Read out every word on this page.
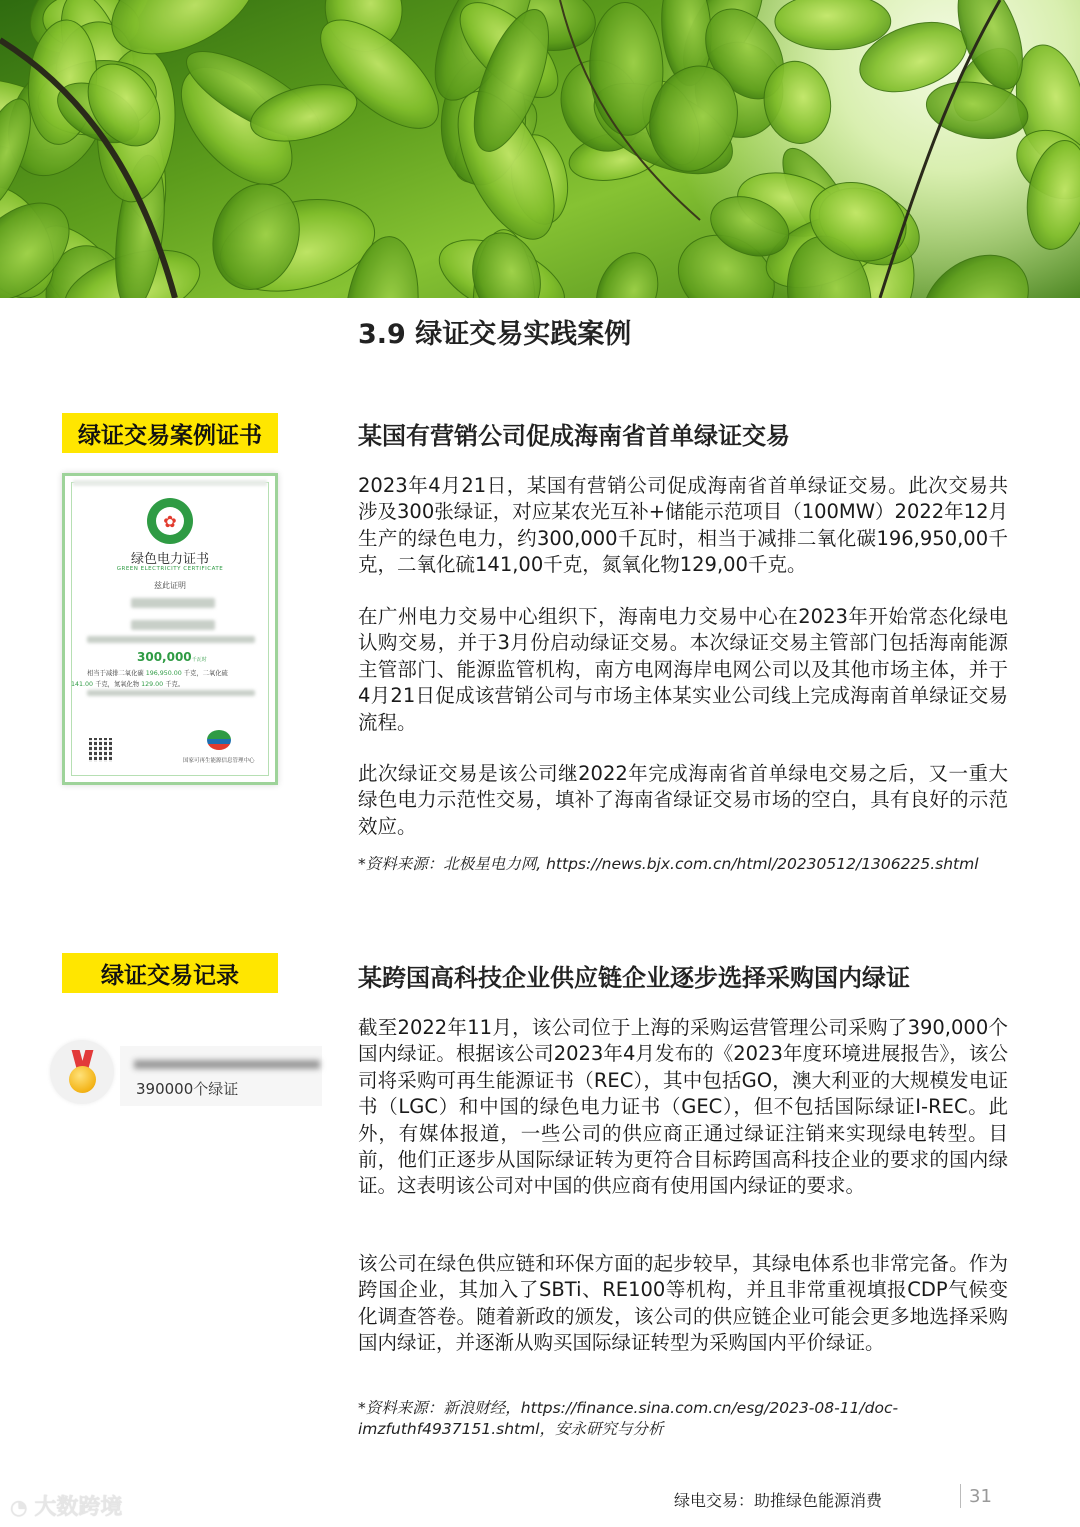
3.9 绿证交易实践案例
绿证交易案例证书	某国有营销公司促成海南省首单绿证交易
✿
绿色电力证书
GREEN ELECTRICITY CERTIFICATE
兹此证明
300,000千瓦时
相当于减排二氧化碳 196,950.00 千克，二氧化硫
141.00 千克，氮氧化物 129.00 千克。
国家可再生能源信息管理中心

2023年4月21日，某国有营销公司促成海南省首单绿证交易。此次交易共涉及300张绿证，对应某农光互补+储能示范项目（100MW）2022年12月生产的绿色电力，约300,000千瓦时，相当于减排二氧化碳196,950,00千克，二氧化硫141,00千克，氮氧化物129,00千克。

在广州电力交易中心组织下，海南电力交易中心在2023年开始常态化绿电认购交易，并于3月份启动绿证交易。本次绿证交易主管部门包括海南能源主管部门、能源监管机构，南方电网海岸电网公司以及其他市场主体，并于4月21日促成该营销公司与市场主体某实业公司线上完成海南首单绿证交易流程。

此次绿证交易是该公司继2022年完成海南省首单绿电交易之后，又一重大绿色电力示范性交易，填补了海南省绿证交易市场的空白，具有良好的示范效应。

*资料来源：北极星电力网, https://news.bjx.com.cn/html/20230512/1306225.shtml
绿证交易记录	某跨国高科技企业供应链企业逐步选择采购国内绿证
390000个绿证

截至2022年11月，该公司位于上海的采购运营管理公司采购了390,000个国内绿证。根据该公司2023年4月发布的《2023年度环境进展报告》，该公司将采购可再生能源证书（REC），其中包括GO，澳大利亚的大规模发电证书（LGC）和中国的绿色电力证书（GEC），但不包括国际绿证I-REC。此外，有媒体报道，一些公司的供应商正通过绿证注销来实现绿电转型。目前，他们正逐步从国际绿证转为更符合目标跨国高科技企业的要求的国内绿证。这表明该公司对中国的供应商有使用国内绿证的要求。

该公司在绿色供应链和环保方面的起步较早，其绿电体系也非常完备。作为跨国企业，其加入了SBTi、RE100等机构，并且非常重视填报CDP气候变化调查答卷。随着新政的颁发，该公司的供应链企业可能会更多地选择采购国内绿证，并逐渐从购买国际绿证转型为采购国内平价绿证。

*资料来源：新浪财经，https://finance.sina.com.cn/esg/2023-08-11/doc-imzfuthf4937151.shtml，安永研究与分析
◔ 大数跨境	绿电交易：助推绿色能源消费	31
